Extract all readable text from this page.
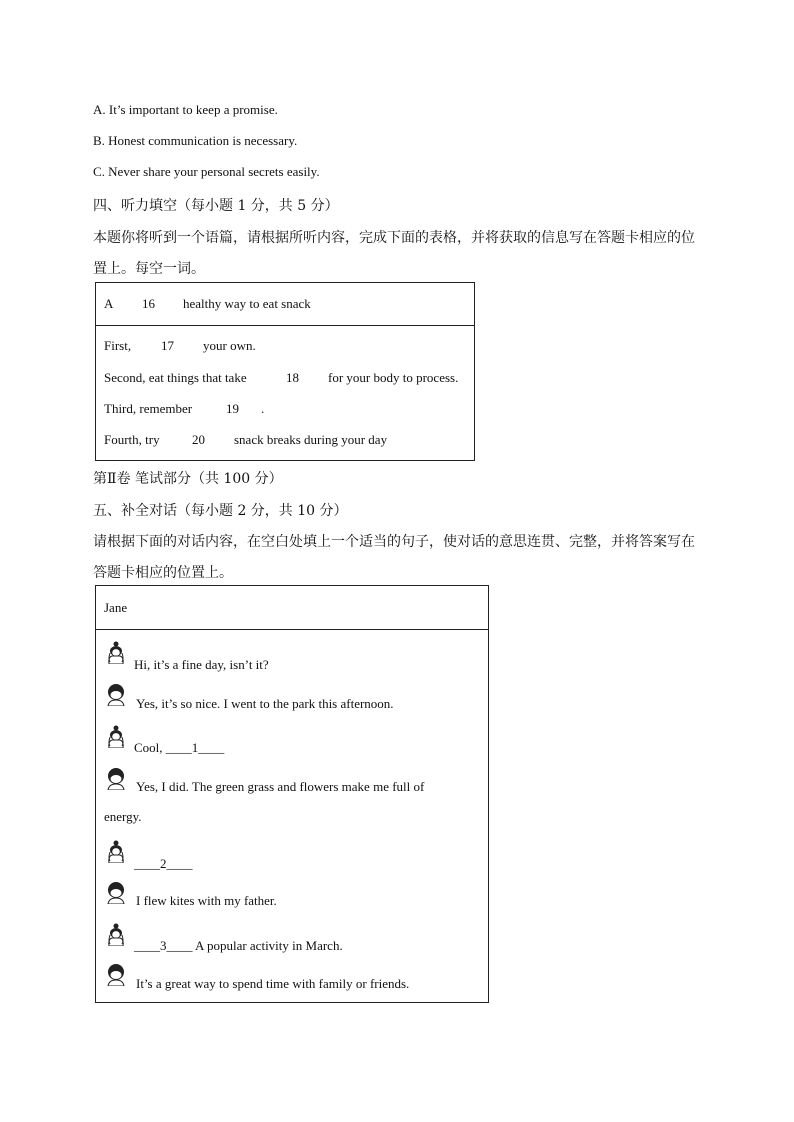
A. It’s important to keep a promise.
B. Honest communication is necessary.
C. Never share your personal secrets easily.
四、听力填空（每小题 1 分，共 5 分）
本题你将听到一个语篇，请根据所听内容，完成下面的表格，并将获取的信息写在答题卡相应的位
置上。每空一词。
A 16 healthy way to eat snack
First, 17 your own.
Second, eat things that take	18 for your body to process.
Third, remember	19 .
Fourth, try 20 snack breaks during your day
第Ⅱ卷 笔试部分（共 100 分）
五、补全对话（每小题 2 分，共 10 分）
请根据下面的对话内容，在空白处填上一个适当的句子，使对话的意思连贯、完整，并将答案写在
答题卡相应的位置上。
Jane
Hi, it’s a fine day, isn’t it?
Yes, it’s so nice. I went to the park this afternoon.
Cool, ____1____
Yes, I did. The green grass and flowers make me full of
energy.
____2____
I flew kites with my father.
____3____ A popular activity in March.
It’s a great way to spend time with family or friends.
